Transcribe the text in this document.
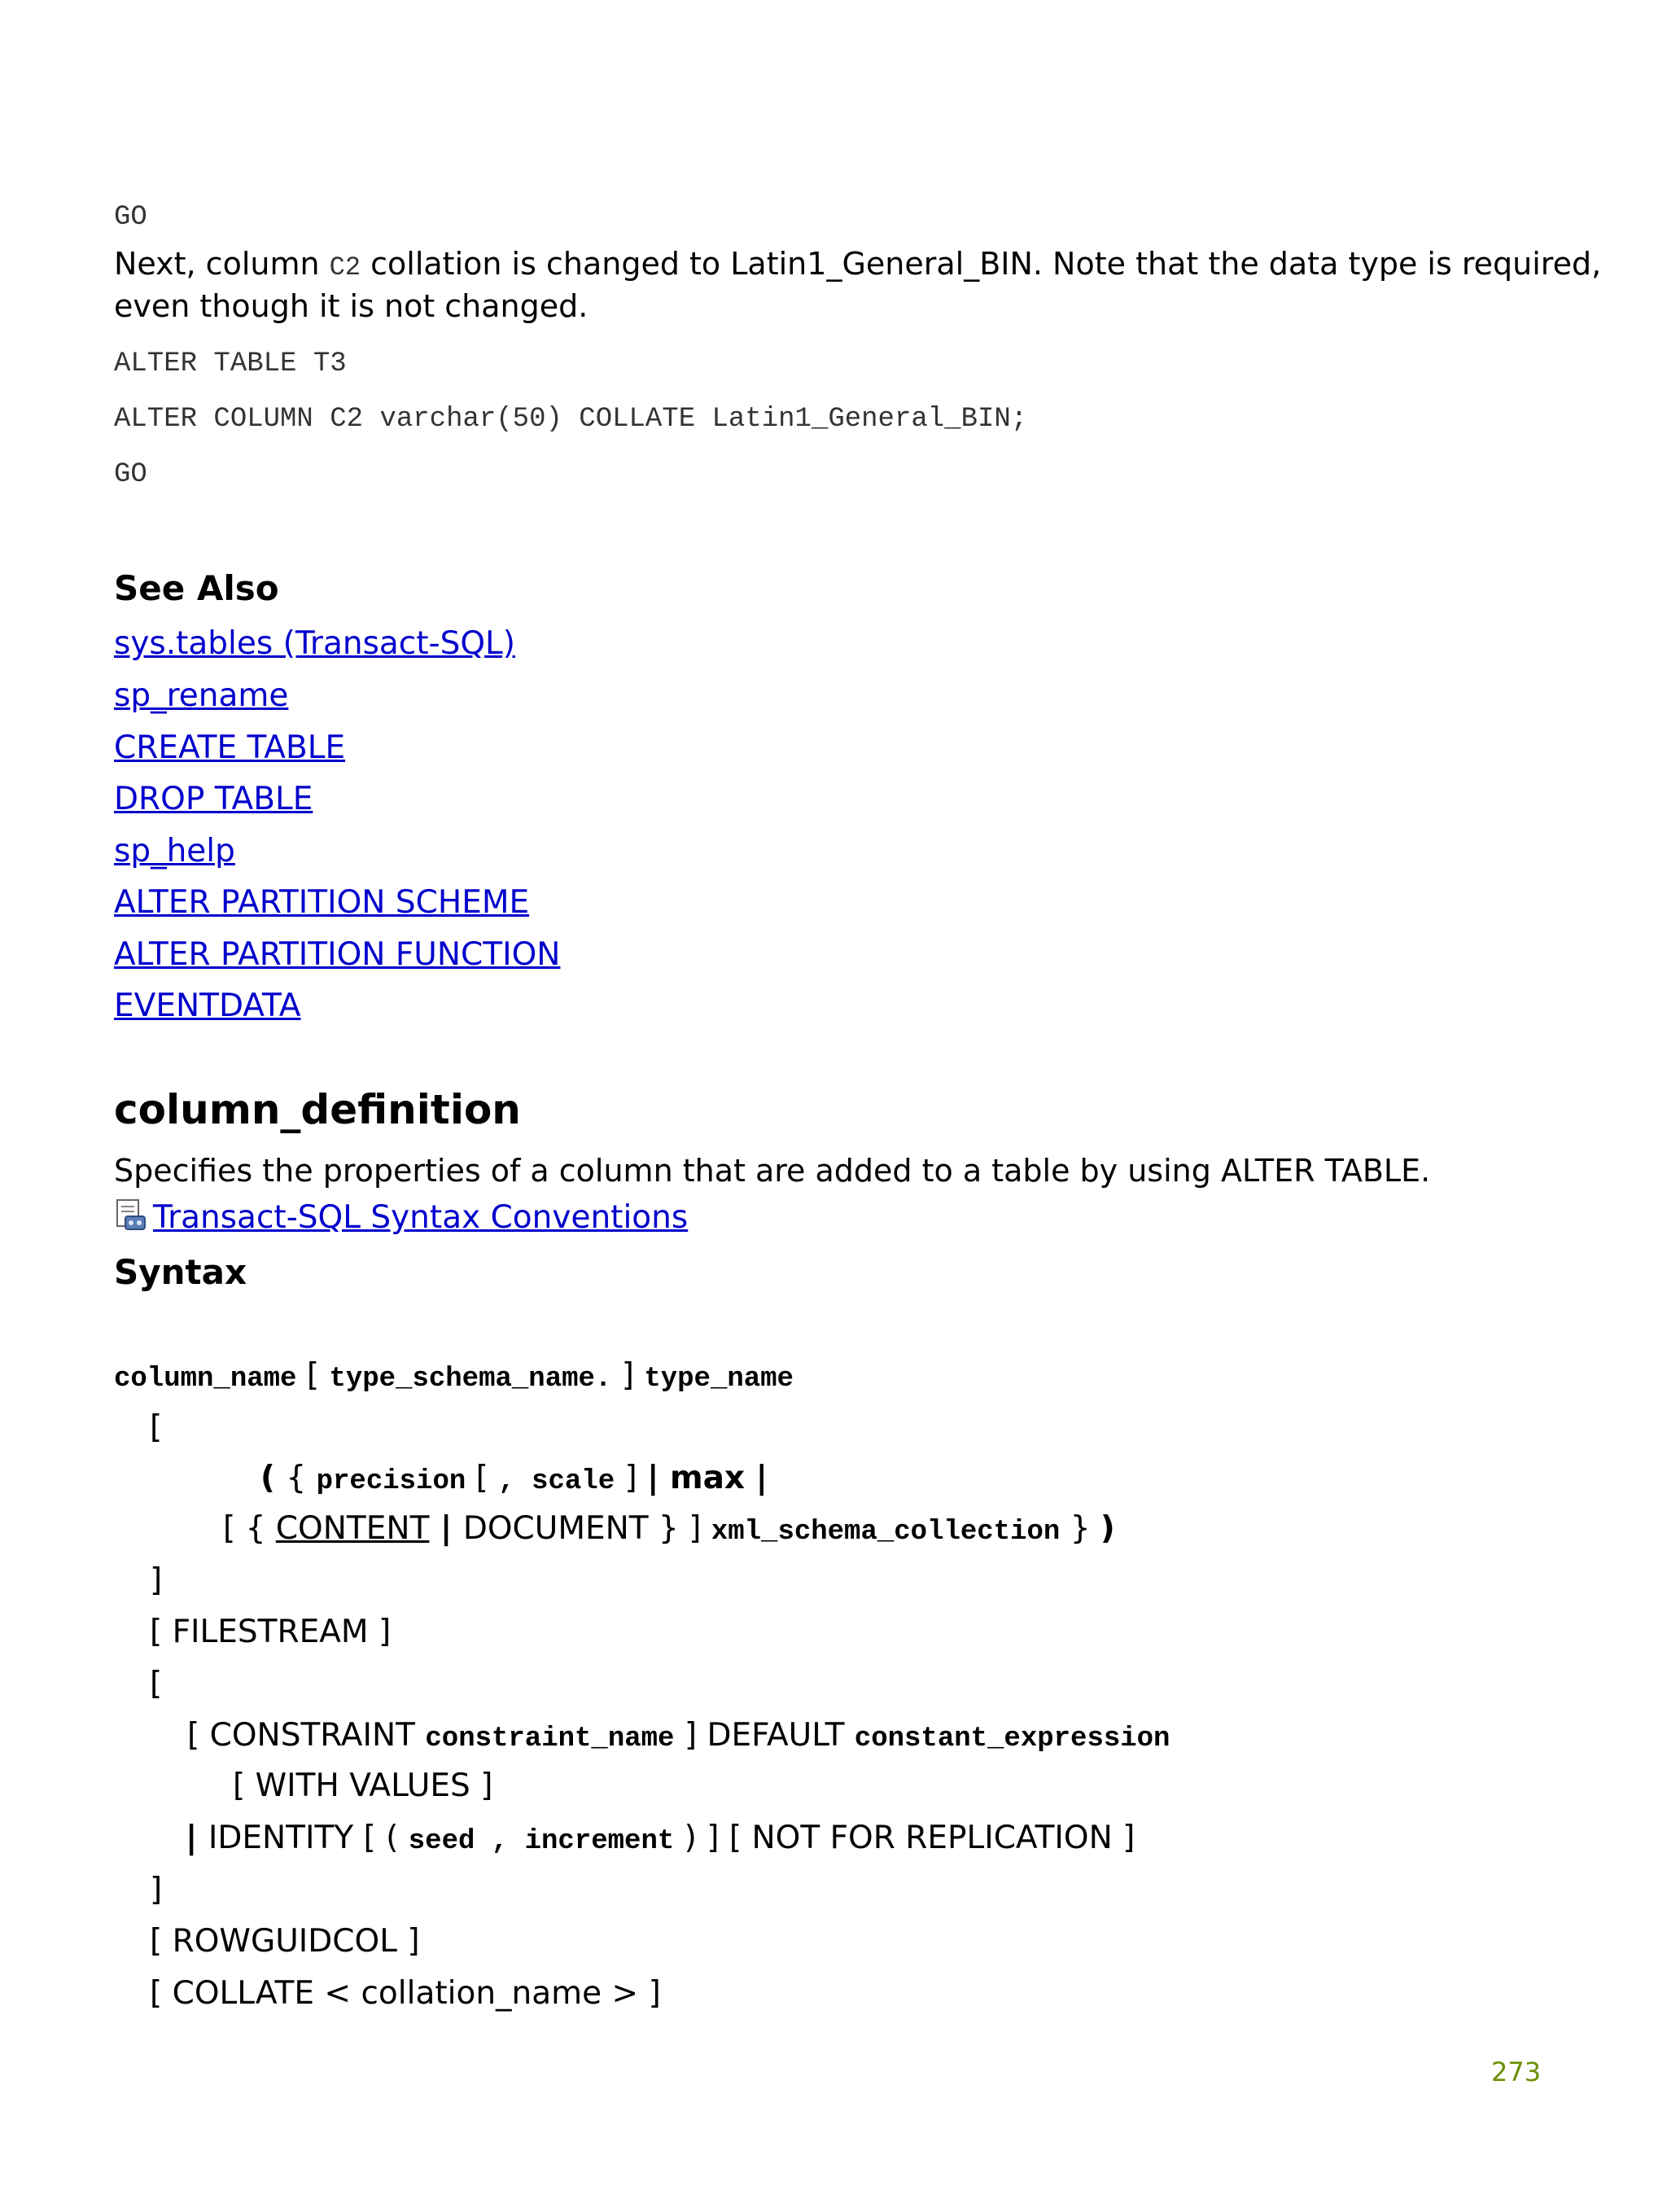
GO
Next, column C2 collation is changed to Latin1_General_BIN. Note that the data type is required,
even though it is not changed.
ALTER TABLE T3
ALTER COLUMN C2 varchar(50) COLLATE Latin1_General_BIN;
GO
See Also
sys.tables (Transact-SQL)
sp_rename
CREATE TABLE
DROP TABLE
sp_help
ALTER PARTITION SCHEME
ALTER PARTITION FUNCTION
EVENTDATA
column_definition
Specifies the properties of a column that are added to a table by using ALTER TABLE.
Transact-SQL Syntax Conventions
Syntax
column_name [ type_schema_name. ] type_name
[
( { precision [ , scale ] | max |
[ { CONTENT | DOCUMENT } ] xml_schema_collection } )
]
[ FILESTREAM ]
[
[ CONSTRAINT constraint_name ] DEFAULT constant_expression
[ WITH VALUES ]
| IDENTITY [ ( seed , increment ) ] [ NOT FOR REPLICATION ]
]
[ ROWGUIDCOL ]
[ COLLATE < collation_name > ]
273
